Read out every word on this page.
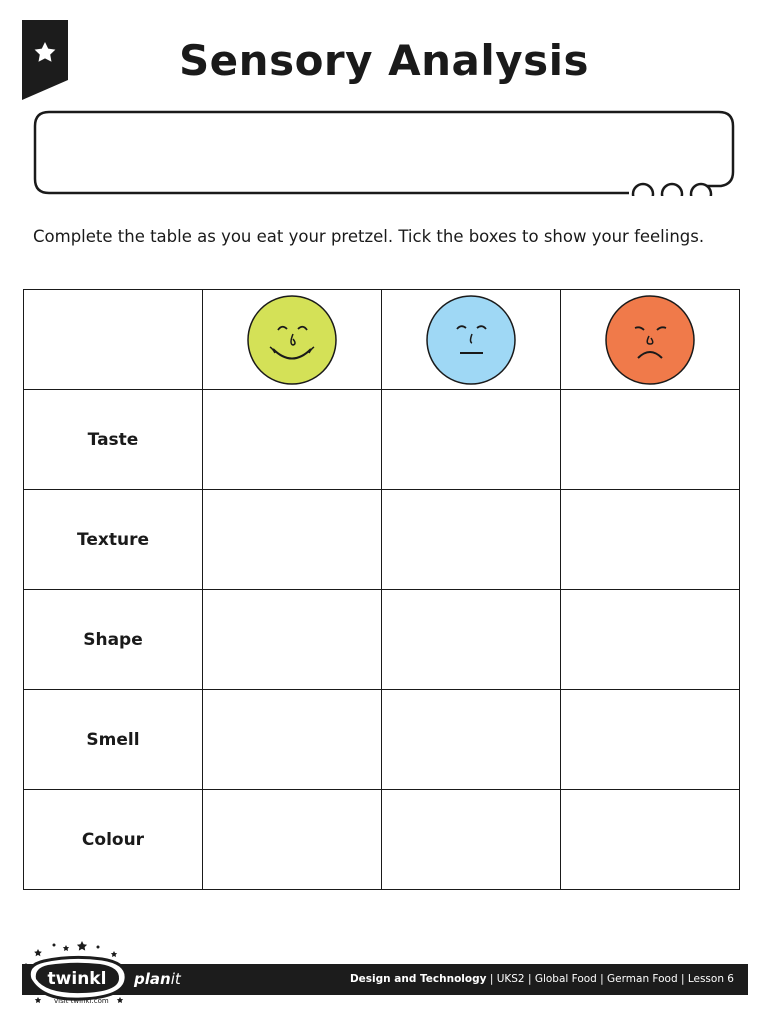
Sensory Analysis
Complete the table as you eat your pretzel. Tick the boxes to show your feelings.

Taste			
Texture			
Shape			
Smell			
Colour			
twinkl planit	Design and Technology | UKS2 | Global Food | German Food | Lesson 6
visit twinkl.com
